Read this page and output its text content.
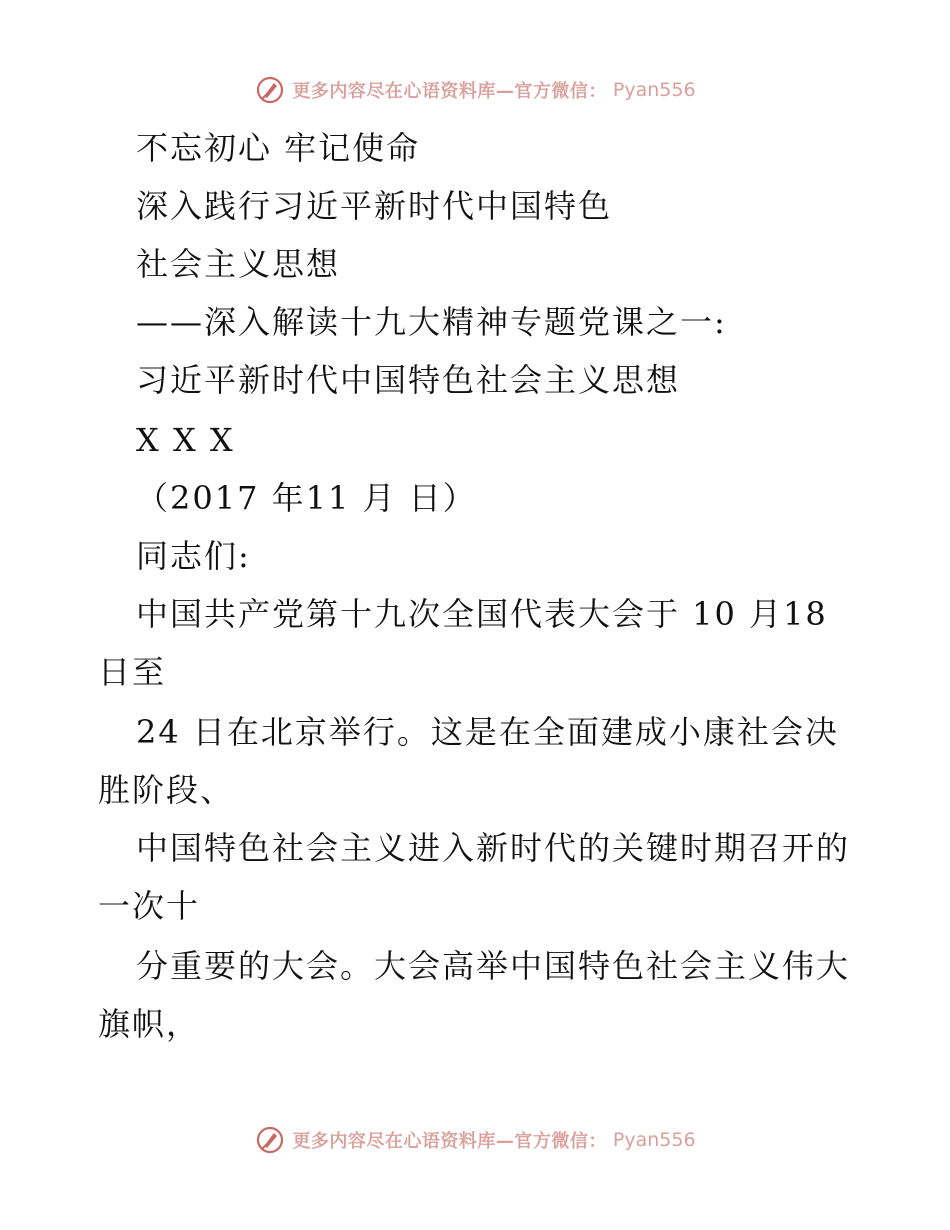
更多内容尽在心语资料库—官方微信： Pyan556
不忘初心 牢记使命
深入践行习近平新时代中国特色
社会主义思想
——深入解读十九大精神专题党课之一:
习近平新时代中国特色社会主义思想
X X X
（2017 年11 月 日）
同志们:
中国共产党第十九次全国代表大会于 10 月18
日至
24 日在北京举行。这是在全面建成小康社会决
胜阶段、
中国特色社会主义进入新时代的关键时期召开的
一次十
分重要的大会。大会高举中国特色社会主义伟大
旗帜，
更多内容尽在心语资料库—官方微信： Pyan556
